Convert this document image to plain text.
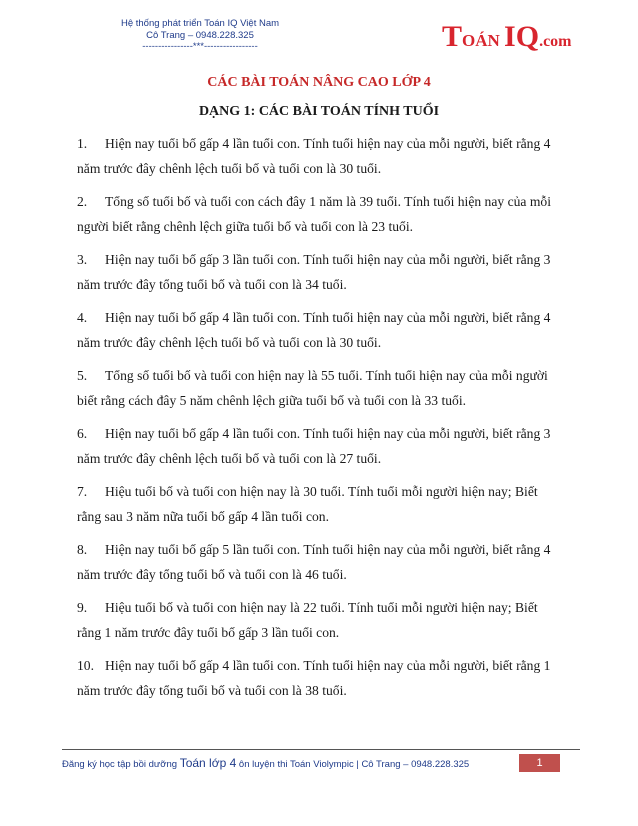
Hệ thống phát triển Toán IQ Việt Nam
Cô Trang – 0948.228.325
----------------***-----------------	TOÁN IQ.com
CÁC BÀI TOÁN NÂNG CAO LỚP 4
DẠNG 1: CÁC BÀI TOÁN TÍNH TUỔI
1. Hiện nay tuổi bố gấp 4 lần tuổi con. Tính tuổi hiện nay của mỗi người, biết rằng 4 năm trước đây chênh lệch tuổi bố và tuổi con là 30 tuổi.
2. Tổng số tuổi bố và tuổi con cách đây 1 năm là 39 tuổi. Tính tuổi hiện nay của mỗi người biết rằng chênh lệch giữa tuổi bố và tuổi con là 23 tuổi.
3. Hiện nay tuổi bố gấp 3 lần tuổi con. Tính tuổi hiện nay của mỗi người, biết rằng 3 năm trước đây tổng tuổi bố và tuổi con là 34 tuổi.
4. Hiện nay tuổi bố gấp 4 lần tuổi con. Tính tuổi hiện nay của mỗi người, biết rằng 4 năm trước đây chênh lệch tuổi bố và tuổi con là 30 tuổi.
5. Tổng số tuổi bố và tuổi con hiện nay là 55 tuổi. Tính tuổi hiện nay của mỗi người biết rằng cách đây 5 năm chênh lệch giữa tuổi bố và tuổi con là 33 tuổi.
6. Hiện nay tuổi bố gấp 4 lần tuổi con. Tính tuổi hiện nay của mỗi người, biết rằng 3 năm trước đây chênh lệch tuổi bố và tuổi con là 27 tuổi.
7. Hiệu tuổi bố và tuổi con hiện nay là 30 tuổi. Tính tuổi mỗi người hiện nay; Biết rằng sau 3 năm nữa tuổi bố gấp 4 lần tuổi con.
8. Hiện nay tuổi bố gấp 5 lần tuổi con. Tính tuổi hiện nay của mỗi người, biết rằng 4 năm trước đây tổng tuổi bố và tuổi con là 46 tuổi.
9. Hiệu tuổi bố và tuổi con hiện nay là 22 tuổi. Tính tuổi mỗi người hiện nay; Biết rằng 1 năm trước đây tuổi bố gấp 3 lần tuổi con.
10. Hiện nay tuổi bố gấp 4 lần tuổi con. Tính tuổi hiện nay của mỗi người, biết rằng 1 năm trước đây tổng tuổi bố và tuổi con là 38 tuổi.
Đăng ký học tập bồi dưỡng Toán lớp 4 ôn luyện thi Toán Violympic | Cô Trang – 0948.228.325	1
